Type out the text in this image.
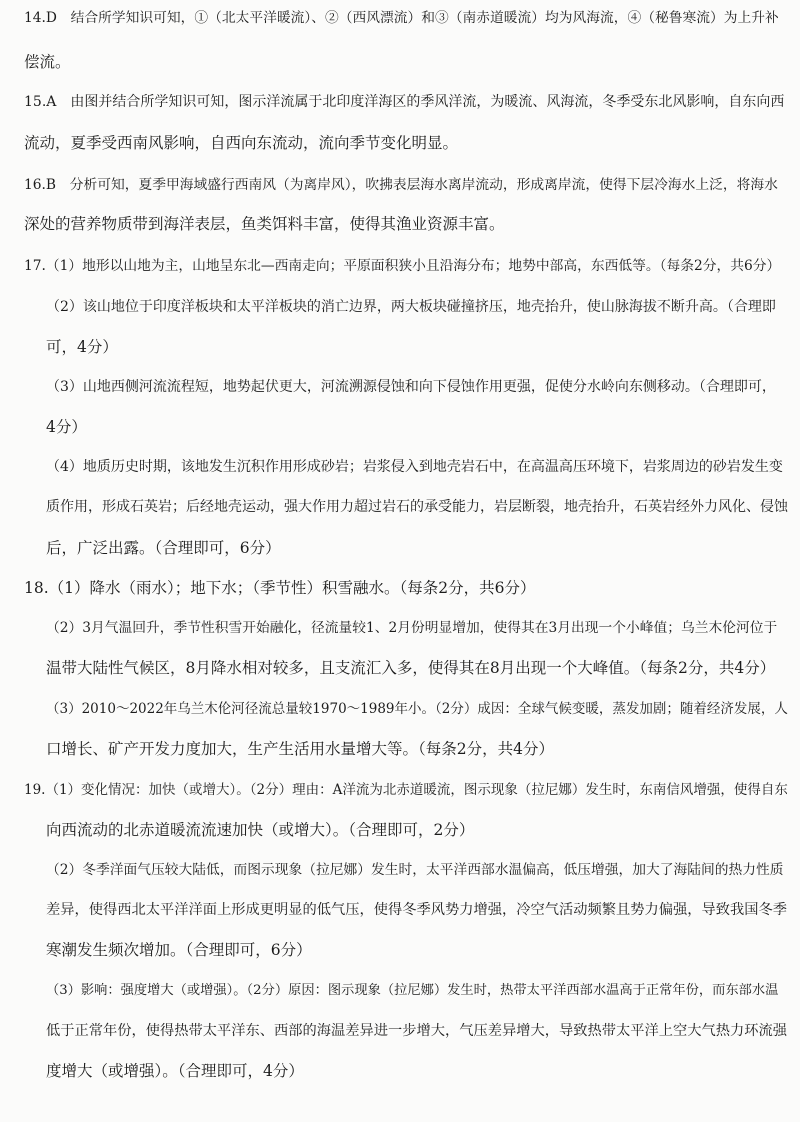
14.D　结合所学知识可知，①（北太平洋暖流）、②（西风漂流）和③（南赤道暖流）均为风海流，④（秘鲁寒流）为上升补
偿流。
15.A　由图并结合所学知识可知，图示洋流属于北印度洋海区的季风洋流，为暖流、风海流，冬季受东北风影响，自东向西
流动，夏季受西南风影响，自西向东流动，流向季节变化明显。
16.B　分析可知，夏季甲海域盛行西南风（为离岸风），吹拂表层海水离岸流动，形成离岸流，使得下层冷海水上泛，将海水
深处的营养物质带到海洋表层，鱼类饵料丰富，使得其渔业资源丰富。
17.（1）地形以山地为主，山地呈东北—西南走向；平原面积狭小且沿海分布；地势中部高，东西低等。（每条2分，共6分）
（2）该山地位于印度洋板块和太平洋板块的消亡边界，两大板块碰撞挤压，地壳抬升，使山脉海拔不断升高。（合理即
可，4分）
（3）山地西侧河流流程短，地势起伏更大，河流溯源侵蚀和向下侵蚀作用更强，促使分水岭向东侧移动。（合理即可，
4分）
（4）地质历史时期，该地发生沉积作用形成砂岩；岩浆侵入到地壳岩石中，在高温高压环境下，岩浆周边的砂岩发生变
质作用，形成石英岩；后经地壳运动，强大作用力超过岩石的承受能力，岩层断裂，地壳抬升，石英岩经外力风化、侵蚀
后，广泛出露。（合理即可，6分）
18.（1）降水（雨水）；地下水；（季节性）积雪融水。（每条2分，共6分）
（2）3月气温回升，季节性积雪开始融化，径流量较1、2月份明显增加，使得其在3月出现一个小峰值；乌兰木伦河位于
温带大陆性气候区，8月降水相对较多，且支流汇入多，使得其在8月出现一个大峰值。（每条2分，共4分）
（3）2010～2022年乌兰木伦河径流总量较1970～1989年小。（2分）成因：全球气候变暖，蒸发加剧；随着经济发展，人
口增长、矿产开发力度加大，生产生活用水量增大等。（每条2分，共4分）
19.（1）变化情况：加快（或增大）。（2分）理由：A洋流为北赤道暖流，图示现象（拉尼娜）发生时，东南信风增强，使得自东
向西流动的北赤道暖流流速加快（或增大）。（合理即可，2分）
（2）冬季洋面气压较大陆低，而图示现象（拉尼娜）发生时，太平洋西部水温偏高，低压增强，加大了海陆间的热力性质
差异，使得西北太平洋洋面上形成更明显的低气压，使得冬季风势力增强，冷空气活动频繁且势力偏强，导致我国冬季
寒潮发生频次增加。（合理即可，6分）
（3）影响：强度增大（或增强）。（2分）原因：图示现象（拉尼娜）发生时，热带太平洋西部水温高于正常年份，而东部水温
低于正常年份，使得热带太平洋东、西部的海温差异进一步增大，气压差异增大，导致热带太平洋上空大气热力环流强
度增大（或增强）。（合理即可，4分）
